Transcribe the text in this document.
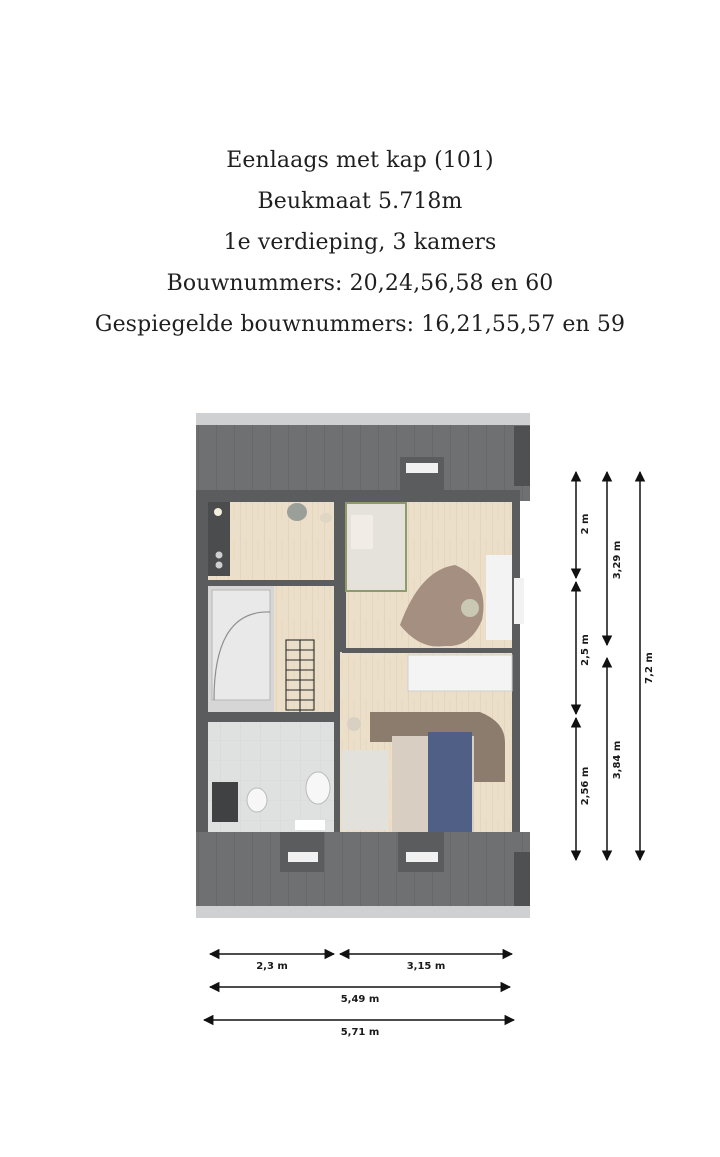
Eenlaags met kap (101)
Beukmaat 5.718m
1e verdieping, 3 kamers
Bouwnummers: 20,24,56,58 en 60
Gespiegelde bouwnummers: 16,21,55,57 en 59
2 m
2,5 m
2,56 m
3,29 m
3,84 m
7,2 m
2,3 m	3,15 m
5,49 m
5,71 m
